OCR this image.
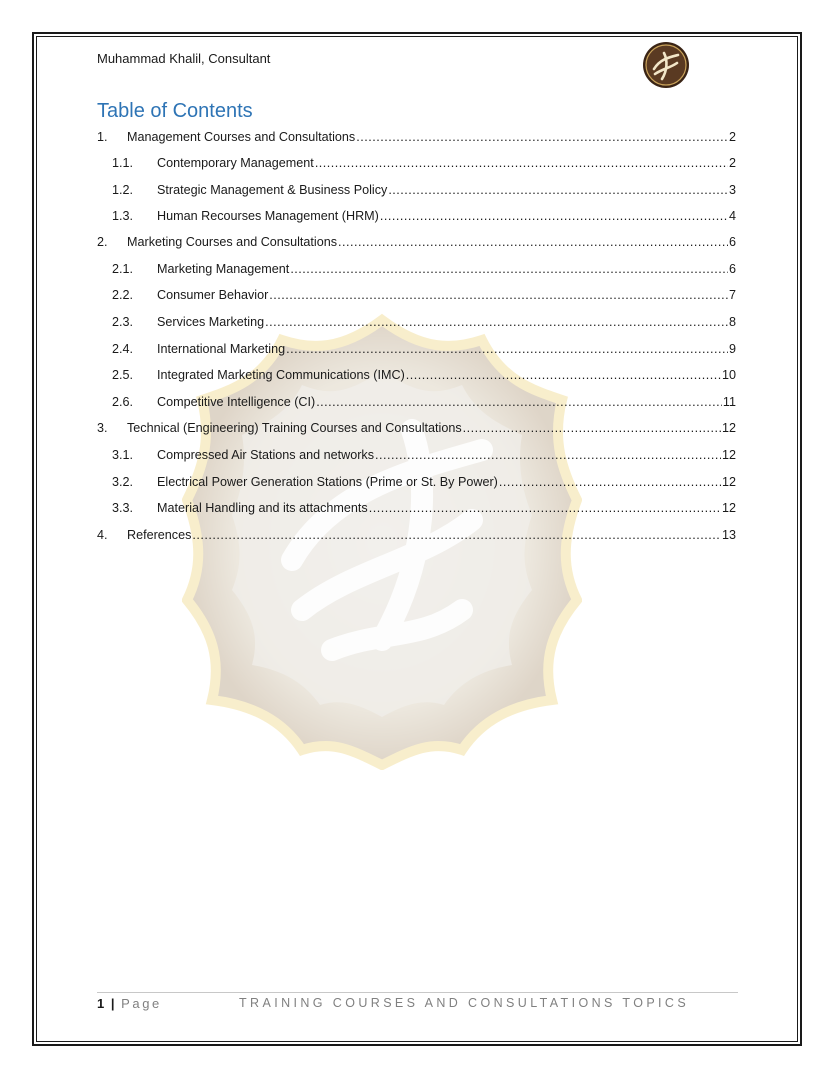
Muhammad Khalil, Consultant
Table of Contents
1.	Management Courses and Consultations .....	2
1.1.	Contemporary Management .....	2
1.2.	Strategic Management & Business Policy .....	3
1.3.	Human Recourses Management (HRM) .....	4
2.	Marketing Courses and Consultations .....	6
2.1.	Marketing Management .....	6
2.2.	Consumer Behavior .....	7
2.3.	Services Marketing .....	8
2.4.	International Marketing .....	9
2.5.	Integrated Marketing Communications (IMC) .....	10
2.6.	Competitive Intelligence (CI) .....	11
3.	Technical (Engineering) Training Courses and Consultations .....	12
3.1.	Compressed Air Stations and networks .....	12
3.2.	Electrical Power Generation Stations (Prime or St. By Power) .....	12
3.3.	Material Handling and its attachments .....	12
4.	References .....	13
1 | Page	TRAINING COURSES AND CONSULTATIONS TOPICS
